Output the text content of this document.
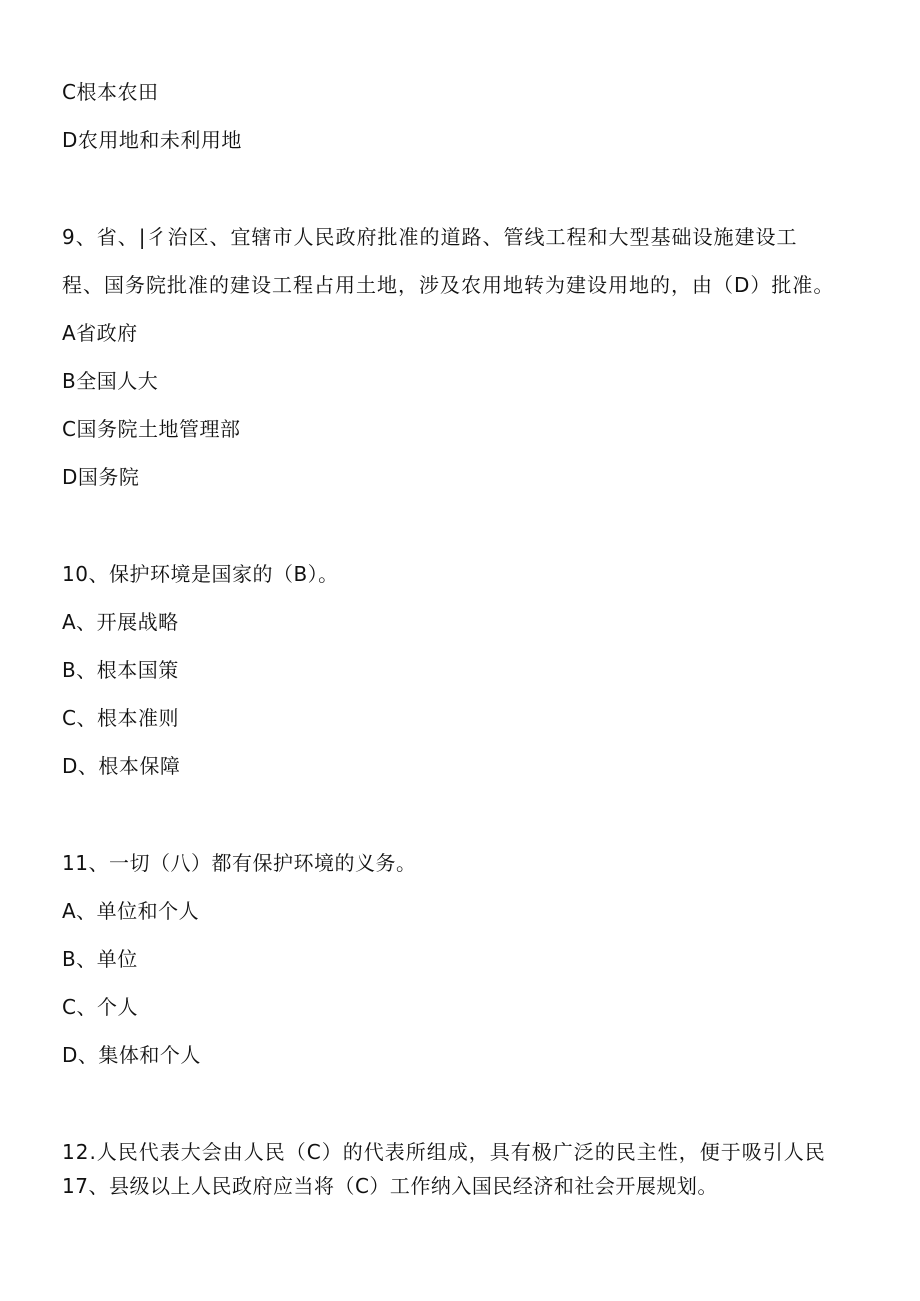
C根本农田
D农用地和未利用地
9、省、|彳治区、宜辖市人民政府批准的道路、管线工程和大型基础设施建设工
程、国务院批准的建设工程占用土地，涉及农用地转为建设用地的，由（D）批准。
A省政府
B全国人大
C国务院土地管理部
D国务院
10、保护环境是国家的（B）。
A、开展战略
B、根本国策
C、根本准则
D、根本保障
11、一切（八）都有保护环境的义务。
A、单位和个人
B、单位
C、个人
D、集体和个人
12.人民代表大会由人民（C）的代表所组成，具有极广泛的民主性，便于吸引人民
17、县级以上人民政府应当将（C）工作纳入国民经济和社会开展规划。
